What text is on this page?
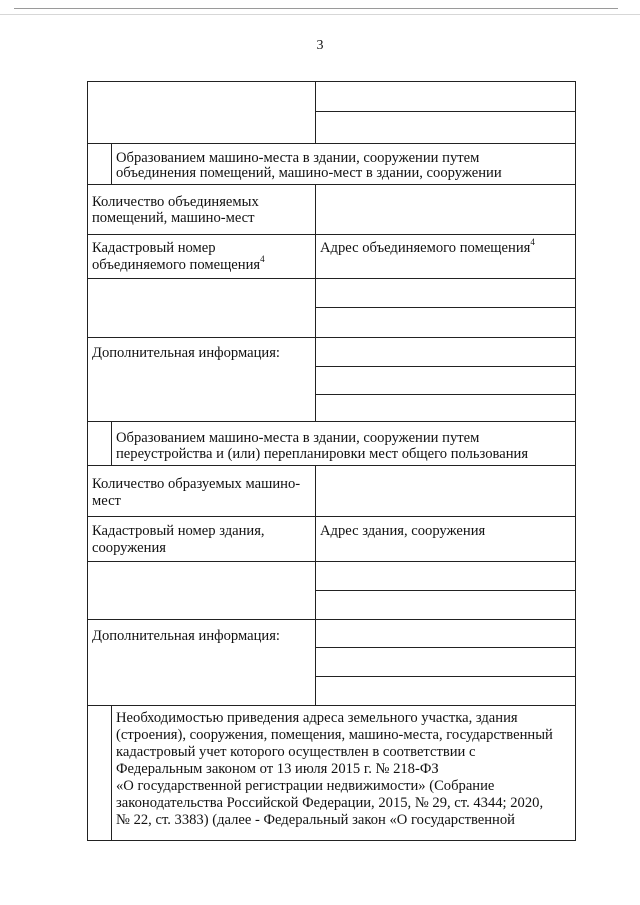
3
Образованием машино-места в здании, сооружении путем
объединения помещений, машино-мест в здании, сооружении
Количество объединяемых
помещений, машино-мест
Кадастровый номер
объединяемого помещения$^4$
Адрес объединяемого помещения$^4$
Дополнительная информация:
Образованием машино-места в здании, сооружении путем
переустройства и (или) перепланировки мест общего пользования
Количество образуемых машино-
мест
Кадастровый номер здания,
сооружения
Адрес здания, сооружения
Дополнительная информация:
Необходимостью приведения адреса земельного участка, здания
(строения), сооружения, помещения, машино-места, государственный
кадастровый учет которого осуществлен в соответствии с
Федеральным законом от 13 июля 2015 г. № 218-ФЗ
«О государственной регистрации недвижимости» (Собрание
законодательства Российской Федерации, 2015, № 29, ст. 4344; 2020,
№ 22, ст. 3383) (далее - Федеральный закон «О государственной
